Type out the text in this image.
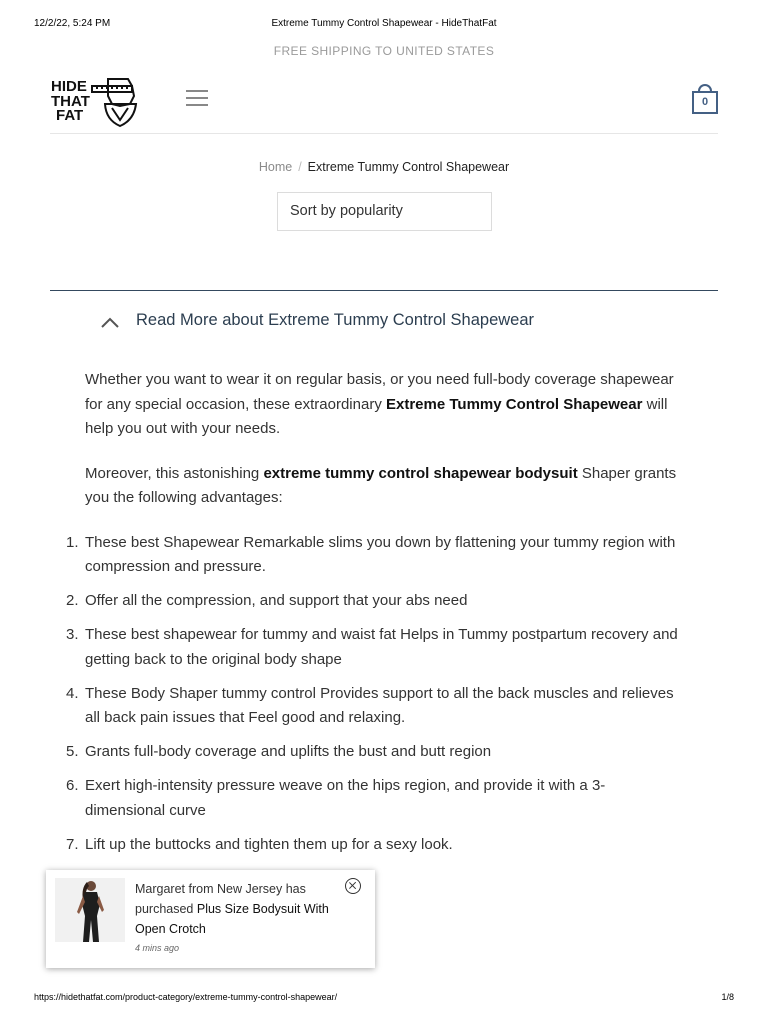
12/2/22, 5:24 PM	Extreme Tummy Control Shapewear - HideThatFat
FREE SHIPPING TO UNITED STATES
HIDE
THAT
FAT
0
Home / Extreme Tummy Control Shapewear
Sort by popularity
Read More about Extreme Tummy Control Shapewear

Whether you want to wear it on regular basis, or you need full-body coverage shapewear for any special occasion, these extraordinary Extreme Tummy Control Shapewear will help you out with your needs.

Moreover, this astonishing extreme tummy control shapewear bodysuit Shaper grants you the following advantages:

1. These best Shapewear Remarkable slims you down by flattening your tummy region with compression and pressure.
2. Offer all the compression, and support that your abs need
3. These best shapewear for tummy and waist fat Helps in Tummy postpartum recovery and getting back to the original body shape
4. These Body Shaper tummy control Provides support to all the back muscles and relieves all back pain issues that Feel good and relaxing.
5. Grants full-body coverage and uplifts the bust and butt region
6. Exert high-intensity pressure weave on the hips region, and provide it with a 3-dimensional curve
7. Lift up the buttocks and tighten them up for a sexy look.
Margaret from New Jersey has
purchased Plus Size Bodysuit With Open Crotch
4 mins ago
https://hidethatfat.com/product-category/extreme-tummy-control-shapewear/	1/8
